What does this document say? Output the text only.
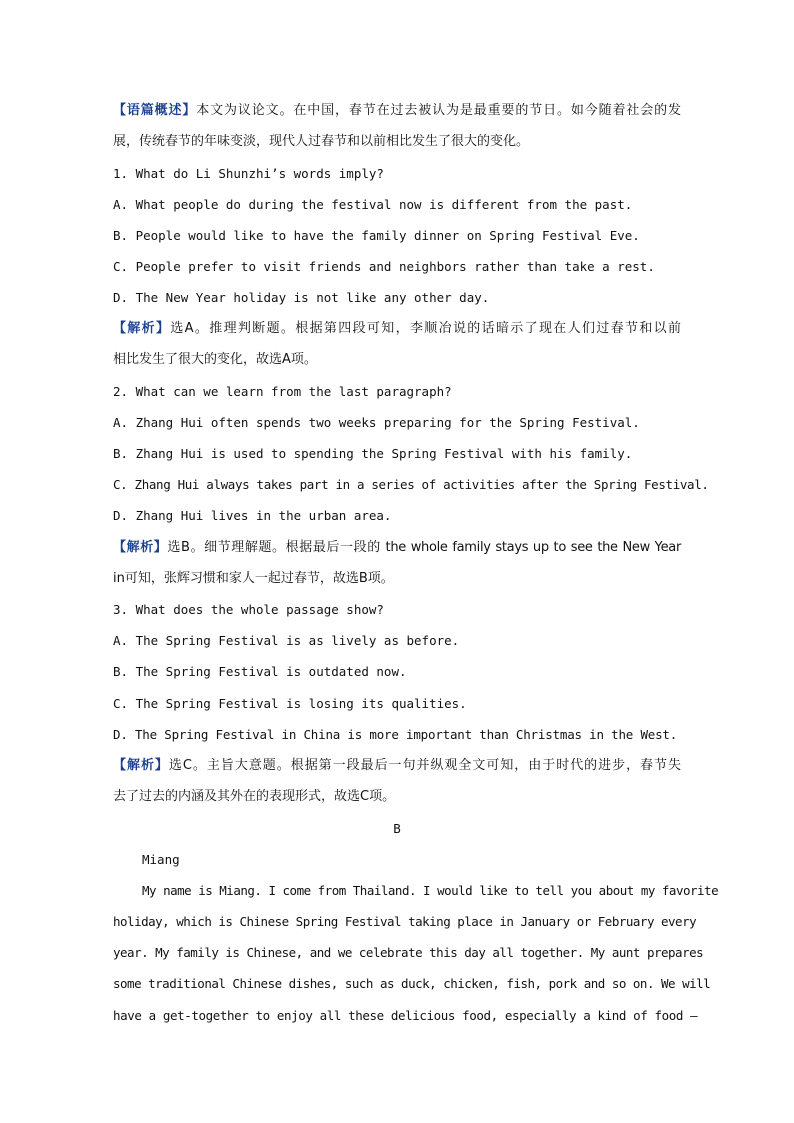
【语篇概述】本文为议论文。在中国，春节在过去被认为是最重要的节日。如今随着社会的发
展，传统春节的年味变淡，现代人过春节和以前相比发生了很大的变化。
1. What do Li Shunzhi’s words imply?
A. What people do during the festival now is different from the past.
B. People would like to have the family dinner on Spring Festival Eve.
C. People prefer to visit friends and neighbors rather than take a rest.
D. The New Year holiday is not like any other day.
【解析】选A。推理判断题。根据第四段可知，李顺冶说的话暗示了现在人们过春节和以前
相比发生了很大的变化，故选A项。
2. What can we learn from the last paragraph?
A. Zhang Hui often spends two weeks preparing for the Spring Festival.
B. Zhang Hui is used to spending the Spring Festival with his family.
C. Zhang Hui always takes part in a series of activities after the Spring Festival.
D. Zhang Hui lives in the urban area.
【解析】选B。细节理解题。根据最后一段的 the whole family stays up to see the New Year
in可知，张辉习惯和家人一起过春节，故选B项。
3. What does the whole passage show?
A. The Spring Festival is as lively as before.
B. The Spring Festival is outdated now.
C. The Spring Festival is losing its qualities.
D. The Spring Festival in China is more important than Christmas in the West.
【解析】选C。主旨大意题。根据第一段最后一句并纵观全文可知，由于时代的进步，春节失
去了过去的内涵及其外在的表现形式，故选C项。
B
Miang
My name is Miang. I come from Thailand. I would like to tell you about my favorite
holiday, which is Chinese Spring Festival taking place in January or February every
year. My family is Chinese, and we celebrate this day all together. My aunt prepares
some traditional Chinese dishes, such as duck, chicken, fish, pork and so on. We will
have a get-together to enjoy all these delicious food, especially a kind of food —
